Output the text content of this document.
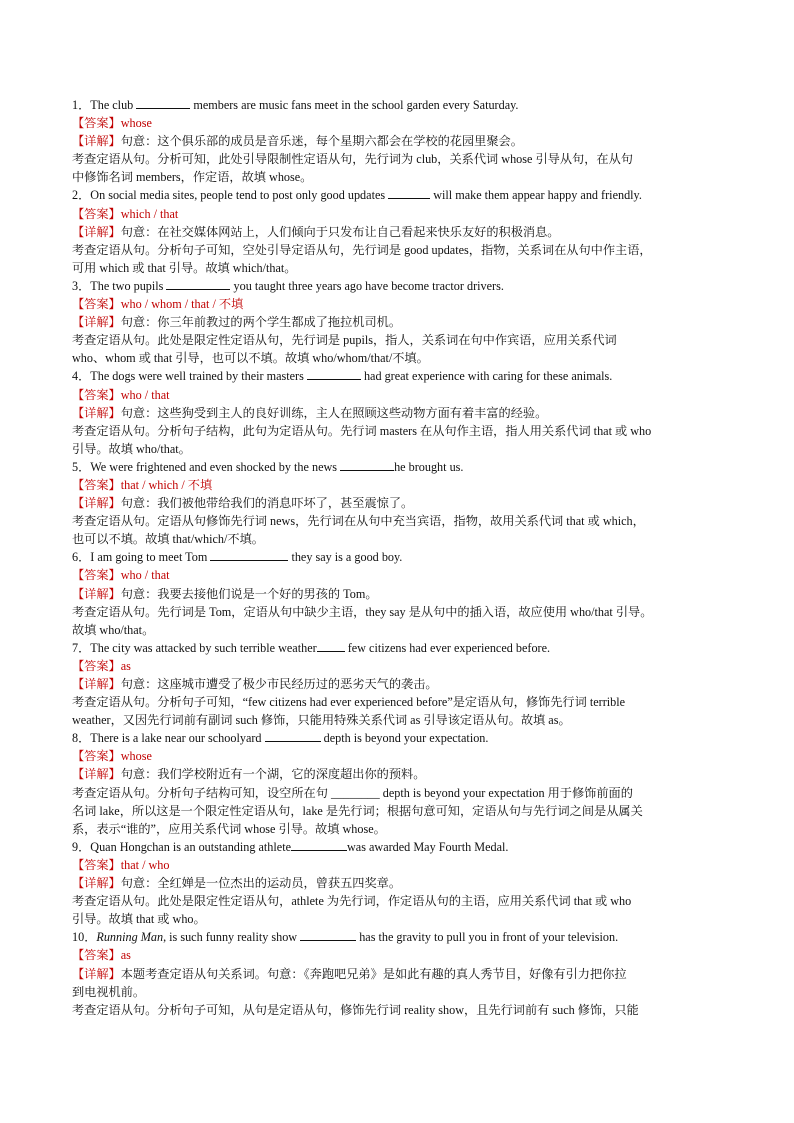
1．The club	members are music fans meet in the school garden every Saturday.
【答案】whose
【详解】句意：这个俱乐部的成员是音乐迷，每个星期六都会在学校的花园里聚会。
考查定语从句。分析可知，此处引导限制性定语从句，先行词为 club，关系代词 whose 引导从句，在从句
中修饰名词 members，作定语，故填 whose。
2．On social media sites, people tend to post only good updates	will make them appear happy and friendly.
【答案】which / that
【详解】句意：在社交媒体网站上，人们倾向于只发布让自己看起来快乐友好的积极消息。
考查定语从句。分析句子可知，空处引导定语从句，先行词是 good updates，指物，关系词在从句中作主语，
可用 which 或 that 引导。故填 which/that。
3．The two pupils	you taught three years ago have become tractor drivers.
【答案】who / whom / that / 不填
【详解】句意：你三年前教过的两个学生都成了拖拉机司机。
考查定语从句。此处是限定性定语从句，先行词是 pupils，指人，关系词在句中作宾语，应用关系代词
who、whom 或 that 引导，也可以不填。故填 who/whom/that/不填。
4．The dogs were well trained by their masters	had great experience with caring for these animals.
【答案】who / that
【详解】句意：这些狗受到主人的良好训练，主人在照顾这些动物方面有着丰富的经验。
考查定语从句。分析句子结构，此句为定语从句。先行词 masters 在从句作主语，指人用关系代词 that 或 who
引导。故填 who/that。
5．We were frightened and even shocked by the news	he brought us.
【答案】that / which / 不填
【详解】句意：我们被他带给我们的消息吓坏了，甚至震惊了。
考查定语从句。定语从句修饰先行词 news，先行词在从句中充当宾语，指物，故用关系代词 that 或 which，
也可以不填。故填 that/which/不填。
6．I am going to meet Tom	they say is a good boy.
【答案】who / that
【详解】句意：我要去接他们说是一个好的男孩的 Tom。
考查定语从句。先行词是 Tom，定语从句中缺少主语，they say 是从句中的插入语，故应使用 who/that 引导。
故填 who/that。
7．The city was attacked by such terrible weather few citizens had ever experienced before.
【答案】as
【详解】句意：这座城市遭受了极少市民经历过的恶劣天气的袭击。
考查定语从句。分析句子可知，“few citizens had ever experienced before”是定语从句，修饰先行词 terrible
weather，又因先行词前有副词 such 修饰，只能用特殊关系代词 as 引导该定语从句。故填 as。
8．There is a lake near our schoolyard	depth is beyond your expectation.
【答案】whose
【详解】句意：我们学校附近有一个湖，它的深度超出你的预料。
考查定语从句。分析句子结构可知，设空所在句 ________ depth is beyond your expectation 用于修饰前面的
名词 lake，所以这是一个限定性定语从句，lake 是先行词；根据句意可知，定语从句与先行词之间是从属关
系，表示“谁的”，应用关系代词 whose 引导。故填 whose。
9．Quan Hongchan is an outstanding athlete	was awarded May Fourth Medal.
【答案】that / who
【详解】句意：全红婵是一位杰出的运动员，曾获五四奖章。
考查定语从句。此处是限定性定语从句，athlete 为先行词，作定语从句的主语，应用关系代词 that 或 who
引导。故填 that 或 who。
10．Running Man, is such funny reality show	has the gravity to pull you in front of your television.
【答案】as
【详解】本题考查定语从句关系词。句意：《奔跑吧兄弟》是如此有趣的真人秀节目，好像有引力把你拉
到电视机前。
考查定语从句。分析句子可知，从句是定语从句，修饰先行词 reality show，且先行词前有 such 修饰，只能
